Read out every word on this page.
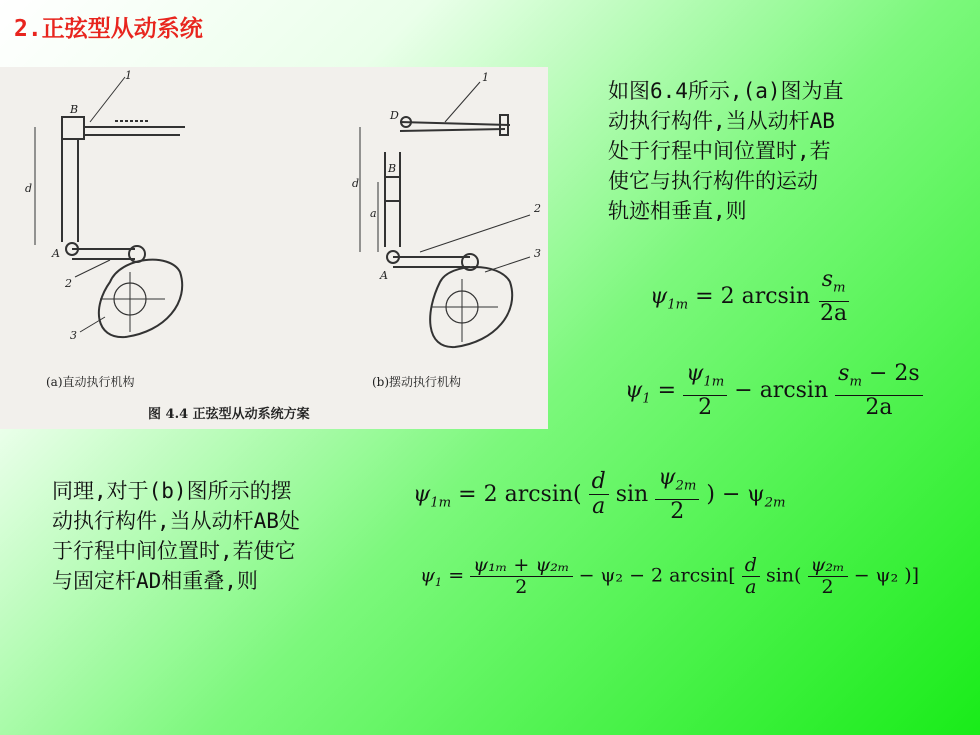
2.正弦型从动系统
1
B
A
d
2
3
1
D
B
A
d
a	2
3
(a)直动执行机构	(b)摆动执行机构
图 4.4 正弦型从动系统方案
如图6.4所示,(a)图为直
动执行构件,当从动杆AB
处于行程中间位置时,若
使它与执行构件的运动
轨迹相垂直,则
$\psi_{1m} = 2$ $\arcsin \frac{s_m}{2a}$
$\psi_1 = \frac{\psi_{1m}}{2} - \arcsin \frac{s_m - 2s}{2a}$
同理,对于(b)图所示的摆
动执行构件,当从动杆AB处
于行程中间位置时,若使它
与固定杆AD相重叠,则
$\psi_{1m} = 2$ $\arcsin( \frac{d}{a}$ $\sin \frac{\psi_{2m}}{2}$ ) − $\psi_{2m}$
$\psi_1 = \frac{\text{ψ₁ₘ + ψ₂ₘ}}{2} - \psi_2 - 2$ $\arcsin[ \frac{d}{a} \sin( \frac{\text{ψ₂ₘ}}{2} - \psi_2$ )]
